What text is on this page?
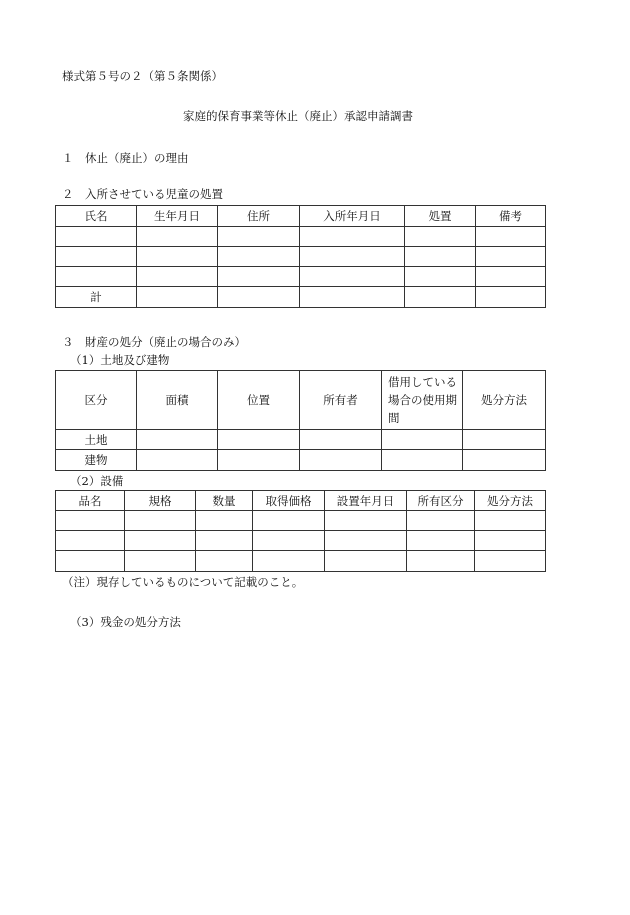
様式第５号の２（第５条関係）
家庭的保育事業等休止（廃止）承認申請調書
１　休止（廃止）の理由
２　入所させている児童の処置
氏名	生年月日	住所	入所年月日	処置	備考

計					
３　財産の処分（廃止の場合のみ）
（1）土地及び建物
区分	面積	位置	所有者	借用している場合の使用期間	処分方法
土地					
建物					
（2）設備
品名	規格	数量	取得価格	設置年月日	所有区分	処分方法

（注）現存しているものについて記載のこと。
（3）残金の処分方法
